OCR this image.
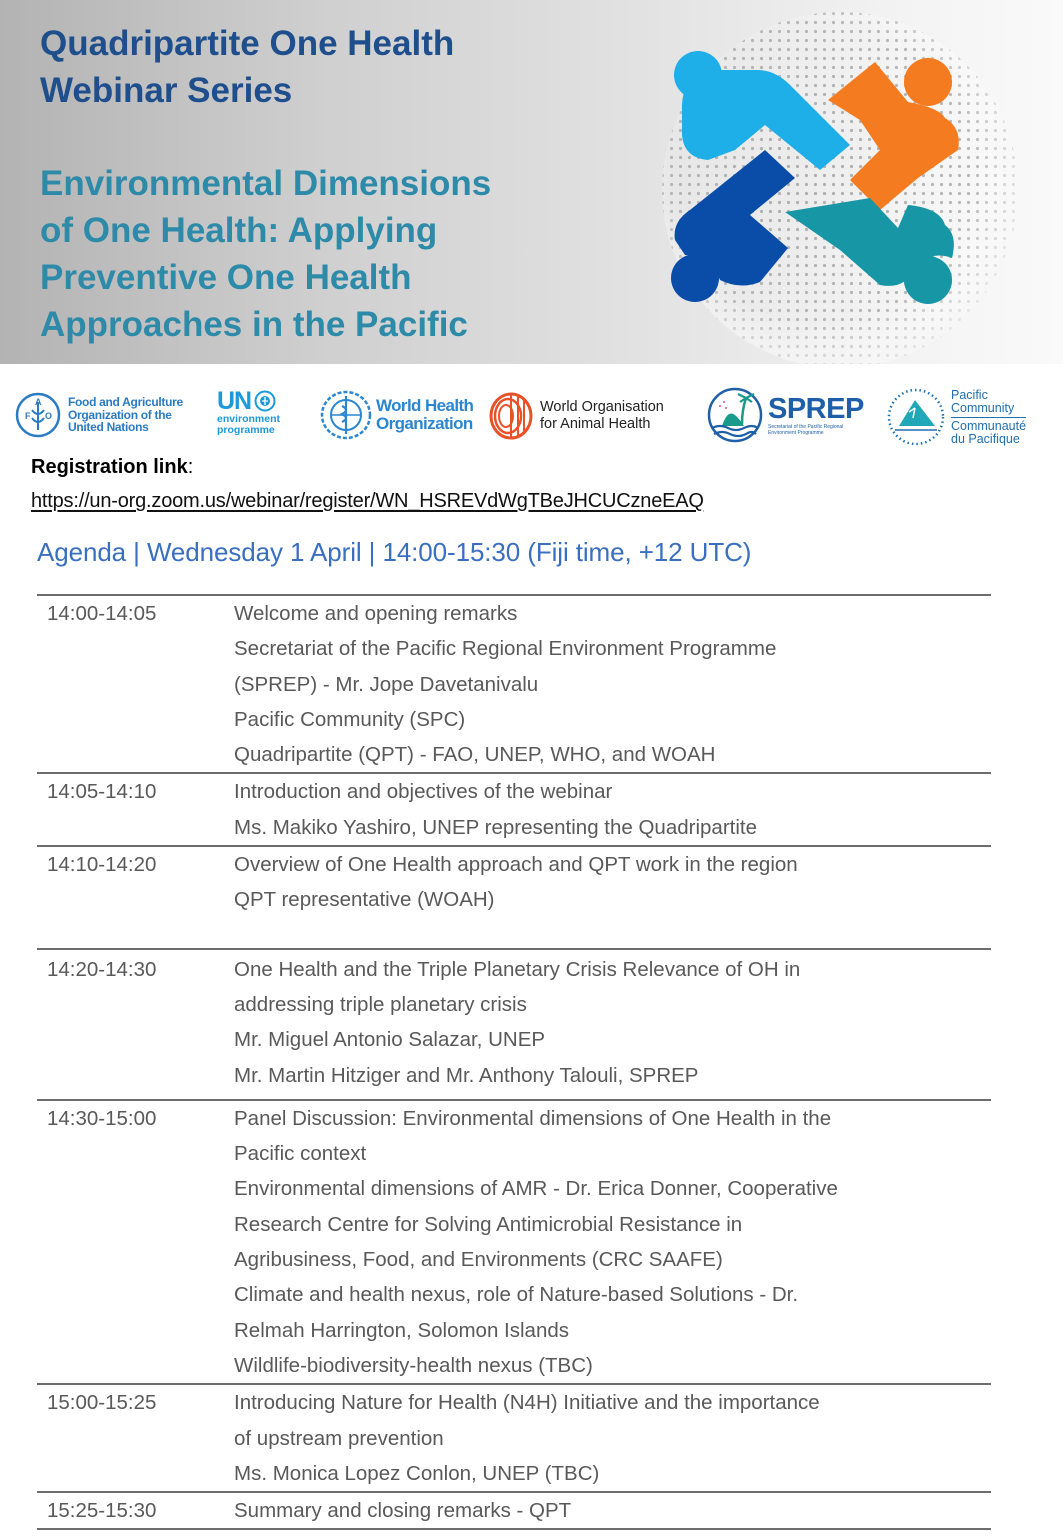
Quadripartite One Health
Webinar Series
Environmental Dimensions
of One Health: Applying
Preventive One Health
Approaches in the Pacific
F
A
O
Food and Agriculture
Organization of the
United Nations
UN
environment
programme
World Health
Organization
World Organisation
for Animal Health	SPREP
Secretariat of the Pacific Regional
Environment Programme
Pacific
Community
Communauté
du Pacifique
Registration link:
https://un-org.zoom.us/webinar/register/WN_HSREVdWgTBeJHCUCzneEAQ
Agenda | Wednesday 1 April | 14:00-15:30 (Fiji time, +12 UTC)
14:00-14:05	Welcome and opening remarks
Secretariat of the Pacific Regional Environment Programme
(SPREP) - Mr. Jope Davetanivalu
Pacific Community (SPC)
Quadripartite (QPT) - FAO, UNEP, WHO, and WOAH
14:05-14:10	Introduction and objectives of the webinar
Ms. Makiko Yashiro, UNEP representing the Quadripartite
14:10-14:20	Overview of One Health approach and QPT work in the region
QPT representative (WOAH)
14:20-14:30	One Health and the Triple Planetary Crisis Relevance of OH in
addressing triple planetary crisis
Mr. Miguel Antonio Salazar, UNEP
Mr. Martin Hitziger and Mr. Anthony Talouli, SPREP
14:30-15:00	Panel Discussion: Environmental dimensions of One Health in the
Pacific context
Environmental dimensions of AMR - Dr. Erica Donner, Cooperative
Research Centre for Solving Antimicrobial Resistance in
Agribusiness, Food, and Environments (CRC SAAFE)
Climate and health nexus, role of Nature-based Solutions - Dr.
Relmah Harrington, Solomon Islands
Wildlife-biodiversity-health nexus (TBC)
15:00-15:25	Introducing Nature for Health (N4H) Initiative and the importance
of upstream prevention
Ms. Monica Lopez Conlon, UNEP (TBC)
15:25-15:30	Summary and closing remarks - QPT
